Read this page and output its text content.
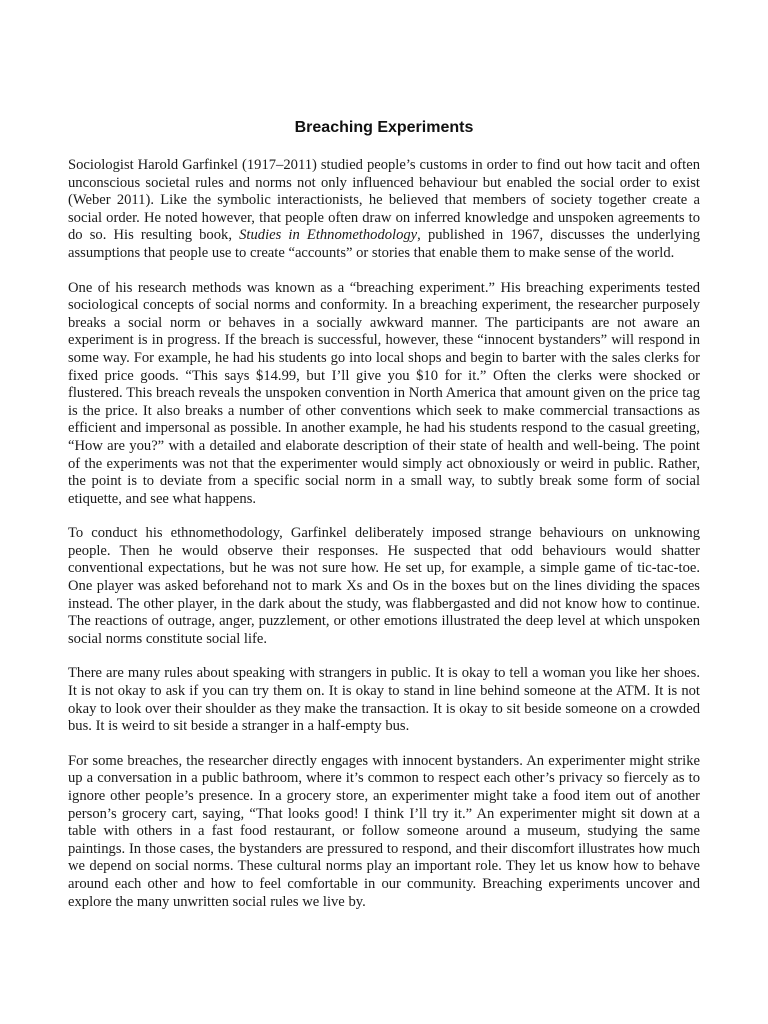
Breaching Experiments

Sociologist Harold Garfinkel (1917–2011) studied people’s customs in order to find out how tacit and often unconscious societal rules and norms not only influenced behaviour but enabled the social order to exist (Weber 2011). Like the symbolic interactionists, he believed that members of society together create a social order. He noted however, that people often draw on inferred knowledge and unspoken agreements to do so. His resulting book, Studies in Ethnomethodology, published in 1967, discusses the underlying assumptions that people use to create “accounts” or stories that enable them to make sense of the world.

One of his research methods was known as a “breaching experiment.” His breaching experiments tested sociological concepts of social norms and conformity. In a breaching experiment, the researcher purposely breaks a social norm or behaves in a socially awkward manner. The participants are not aware an experiment is in progress. If the breach is successful, however, these “innocent bystanders” will respond in some way. For example, he had his students go into local shops and begin to barter with the sales clerks for fixed price goods. “This says $14.99, but I’ll give you $10 for it.” Often the clerks were shocked or flustered. This breach reveals the unspoken convention in North America that amount given on the price tag is the price. It also breaks a number of other conventions which seek to make commercial transactions as efficient and impersonal as possible. In another example, he had his students respond to the casual greeting, “How are you?” with a detailed and elaborate description of their state of health and well-being. The point of the experiments was not that the experimenter would simply act obnoxiously or weird in public. Rather, the point is to deviate from a specific social norm in a small way, to subtly break some form of social etiquette, and see what happens.

To conduct his ethnomethodology, Garfinkel deliberately imposed strange behaviours on unknowing people. Then he would observe their responses. He suspected that odd behaviours would shatter conventional expectations, but he was not sure how. He set up, for example, a simple game of tic-tac-toe. One player was asked beforehand not to mark Xs and Os in the boxes but on the lines dividing the spaces instead. The other player, in the dark about the study, was flabbergasted and did not know how to continue. The reactions of outrage, anger, puzzlement, or other emotions illustrated the deep level at which unspoken social norms constitute social life.

There are many rules about speaking with strangers in public. It is okay to tell a woman you like her shoes. It is not okay to ask if you can try them on. It is okay to stand in line behind someone at the ATM. It is not okay to look over their shoulder as they make the transaction. It is okay to sit beside someone on a crowded bus. It is weird to sit beside a stranger in a half-empty bus.

For some breaches, the researcher directly engages with innocent bystanders. An experimenter might strike up a conversation in a public bathroom, where it’s common to respect each other’s privacy so fiercely as to ignore other people’s presence. In a grocery store, an experimenter might take a food item out of another person’s grocery cart, saying, “That looks good! I think I’ll try it.” An experimenter might sit down at a table with others in a fast food restaurant, or follow someone around a museum, studying the same paintings. In those cases, the bystanders are pressured to respond, and their discomfort illustrates how much we depend on social norms. These cultural norms play an important role. They let us know how to behave around each other and how to feel comfortable in our community. Breaching experiments uncover and explore the many unwritten social rules we live by.
